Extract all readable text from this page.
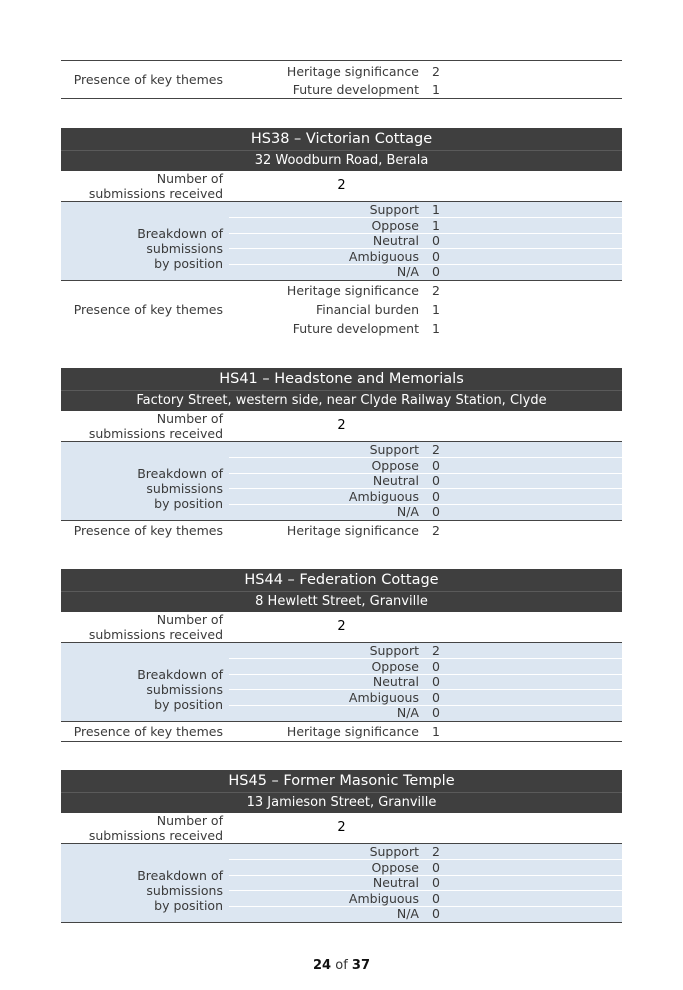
Presence of key themes
Heritage significance 2
Future development 1
HS38 – Victorian Cottage
32 Woodburn Road, Berala
Number of
submissions received
2
Breakdown of submissions
by position
Support 1
Oppose 1
Neutral 0
Ambiguous 0
N/A 0
Presence of key themes
Heritage significance 2
Financial burden 1
Future development 1
HS41 – Headstone and Memorials
Factory Street, western side, near Clyde Railway Station, Clyde
Number of
submissions received
2
Breakdown of submissions
by position
Support 2
Oppose 0
Neutral 0
Ambiguous 0
N/A 0
Presence of key themes	Heritage significance 2
HS44 – Federation Cottage
8 Hewlett Street, Granville
Number of
submissions received
2
Breakdown of submissions
by position
Support 2
Oppose 0
Neutral 0
Ambiguous 0
N/A 0
Presence of key themes	Heritage significance 1
HS45 – Former Masonic Temple
13 Jamieson Street, Granville
Number of
submissions received
2
Breakdown of submissions
by position
Support 2
Oppose 0
Neutral 0
Ambiguous 0
N/A 0
24 of 37
